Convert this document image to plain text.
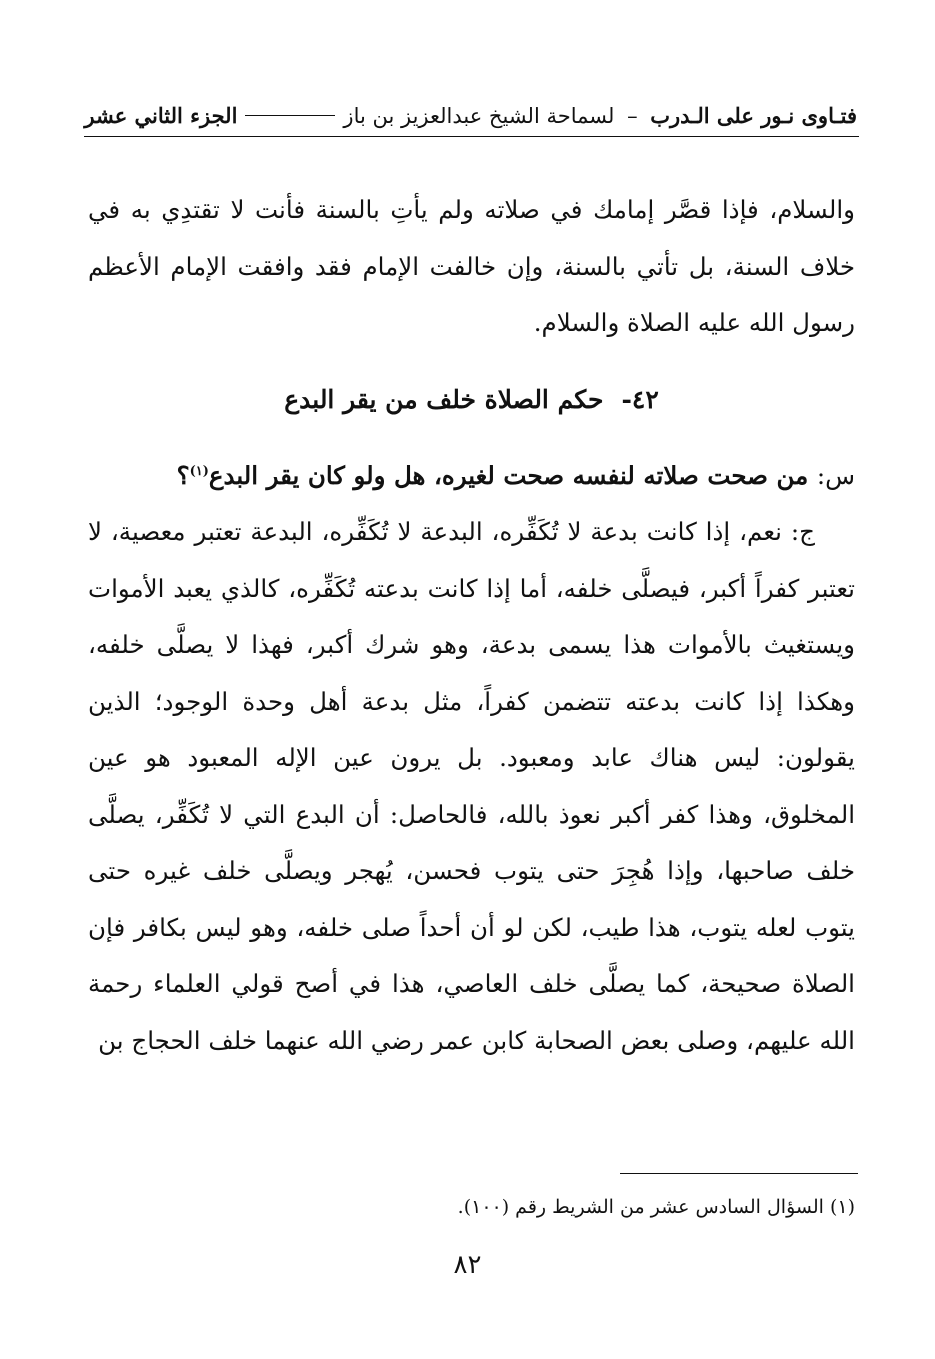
فتـاوى نـور على الـدرب – لسماحة الشيخ عبدالعزيز بن باز
الجزء الثاني عشر

والسلام، فإذا قصَّر إمامك في صلاته ولم يأتِ بالسنة فأنت لا تقتدِي به في خلاف السنة، بل تأتي بالسنة، وإن خالفت الإمام فقد وافقت الإمام الأعظم رسول الله عليه الصلاة والسلام.

٤٢-حكم الصلاة خلف من يقر البدع

س: من صحت صلاته لنفسه صحت لغيره، هل ولو كان يقر البدع$^{(١)}$؟

ج: نعم، إذا كانت بدعة لا تُكَفِّره، البدعة لا تُكَفِّره، البدعة تعتبر معصية، لا تعتبر كفراً أكبر، فيصلَّى خلفه، أما إذا كانت بدعته تُكَفِّره، كالذي يعبد الأموات ويستغيث بالأموات هذا يسمى بدعة، وهو شرك أكبر، فهذا لا يصلَّى خلفه، وهكذا إذا كانت بدعته تتضمن كفراً، مثل بدعة أهل وحدة الوجود؛ الذين يقولون: ليس هناك عابد ومعبود. بل يرون عين الإله المعبود هو عين المخلوق، وهذا كفر أكبر نعوذ بالله، فالحاصل: أن البدع التي لا تُكَفِّر، يصلَّى خلف صاحبها، وإذا هُجِرَ حتى يتوب فحسن، يُهجر ويصلَّى خلف غيره حتى يتوب لعله يتوب، هذا طيب، لكن لو أن أحداً صلى خلفه، وهو ليس بكافر فإن الصلاة صحيحة، كما يصلَّى خلف العاصي، هذا في أصح قولي العلماء رحمة الله عليهم، وصلى بعض الصحابة كابن عمر رضي الله عنهما خلف الحجاج بن

(١) السؤال السادس عشر من الشريط رقم (١٠٠).
٨٢
